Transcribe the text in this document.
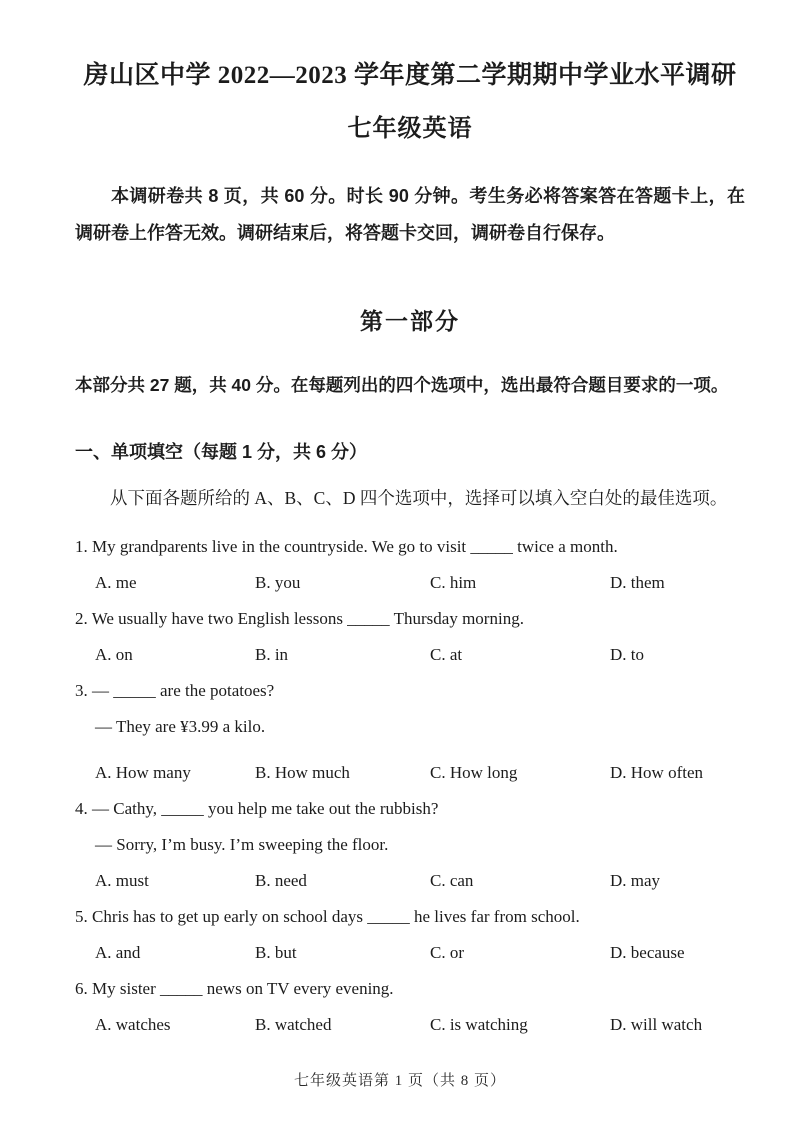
房山区中学 2022—2023 学年度第二学期期中学业水平调研
七年级英语

本调研卷共 8 页，共 60 分。时长 90 分钟。考生务必将答案答在答题卡上，在调研卷上作答无效。调研结束后，将答题卡交回，调研卷自行保存。

第一部分

本部分共 27 题，共 40 分。在每题列出的四个选项中，选出最符合题目要求的一项。

一、单项填空（每题 1 分，共 6 分）

从下面各题所给的 A、B、C、D 四个选项中，选择可以填入空白处的最佳选项。

1. My grandparents live in the countryside. We go to visit _____ twice a month.
A. me	B. you	C. him	D. them
2. We usually have two English lessons _____ Thursday morning.
A. on	B. in	C. at	D. to
3. — _____ are the potatoes?
— They are ¥3.99 a kilo.
A. How many	B. How much	C. How long	D. How often
4. — Cathy, _____ you help me take out the rubbish?
— Sorry, I’m busy. I’m sweeping the floor.
A. must	B. need	C. can	D. may
5. Chris has to get up early on school days _____ he lives far from school.
A. and	B. but	C. or	D. because
6. My sister _____ news on TV every evening.
A. watches	B. watched	C. is watching	D. will watch
七年级英语第 1 页（共 8 页）
